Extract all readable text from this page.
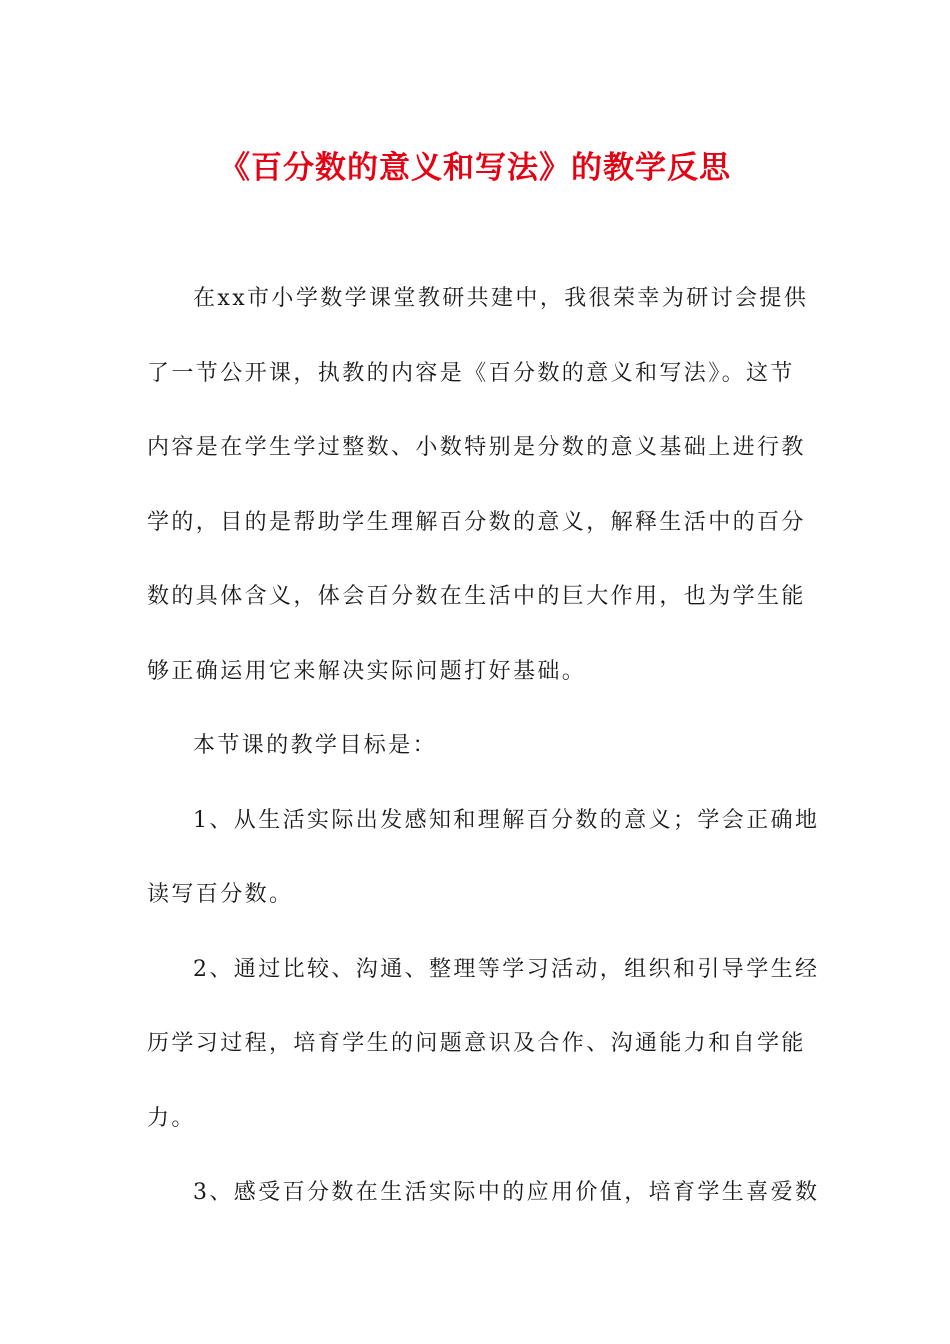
《百分数的意义和写法》的教学反思
在xx市小学数学课堂教研共建中，我很荣幸为研讨会提供
了一节公开课，执教的内容是《百分数的意义和写法》。这节
内容是在学生学过整数、小数特别是分数的意义基础上进行教
学的，目的是帮助学生理解百分数的意义，解释生活中的百分
数的具体含义，体会百分数在生活中的巨大作用，也为学生能
够正确运用它来解决实际问题打好基础。
本节课的教学目标是：
1、从生活实际出发感知和理解百分数的意义；学会正确地
读写百分数。
2、通过比较、沟通、整理等学习活动，组织和引导学生经
历学习过程，培育学生的问题意识及合作、沟通能力和自学能
力。
3、感受百分数在生活实际中的应用价值，培育学生喜爱数
